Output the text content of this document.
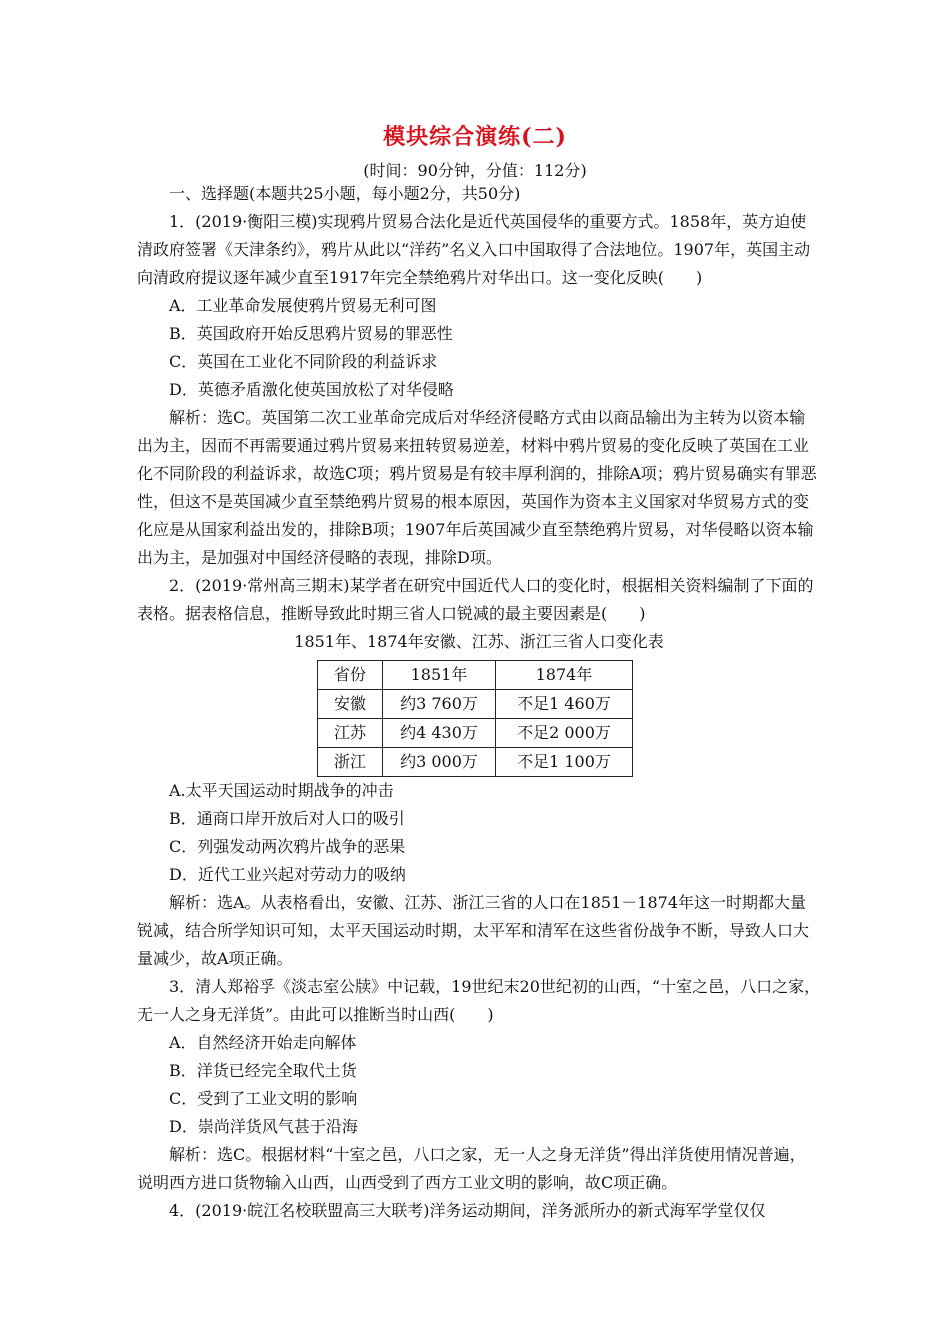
模块综合演练(二)
(时间：90分钟，分值：112分)

一、选择题(本题共25小题，每小题2分，共50分)

1．(2019·衡阳三模)实现鸦片贸易合法化是近代英国侵华的重要方式。1858年，英方迫使清政府签署《天津条约》，鸦片从此以“洋药”名义入口中国取得了合法地位。1907年，英国主动向清政府提议逐年减少直至1917年完全禁绝鸦片对华出口。这一变化反映(　　)

A．工业革命发展使鸦片贸易无利可图

B．英国政府开始反思鸦片贸易的罪恶性

C．英国在工业化不同阶段的利益诉求

D．英德矛盾激化使英国放松了对华侵略

解析：选C。英国第二次工业革命完成后对华经济侵略方式由以商品输出为主转为以资本输出为主，因而不再需要通过鸦片贸易来扭转贸易逆差，材料中鸦片贸易的变化反映了英国在工业化不同阶段的利益诉求，故选C项；鸦片贸易是有较丰厚利润的，排除A项；鸦片贸易确实有罪恶性，但这不是英国减少直至禁绝鸦片贸易的根本原因，英国作为资本主义国家对华贸易方式的变化应是从国家利益出发的，排除B项；1907年后英国减少直至禁绝鸦片贸易，对华侵略以资本输出为主，是加强对中国经济侵略的表现，排除D项。

2．(2019·常州高三期末)某学者在研究中国近代人口的变化时，根据相关资料编制了下面的表格。据表格信息，推断导致此时期三省人口锐减的最主要因素是(　　)

1851年、1874年安徽、江苏、浙江三省人口变化表

省份	1851年	1874年
安徽	约3 760万	不足1 460万
江苏	约4 430万	不足2 000万
浙江	约3 000万	不足1 100万

A.太平天国运动时期战争的冲击

B．通商口岸开放后对人口的吸引

C．列强发动两次鸦片战争的恶果

D．近代工业兴起对劳动力的吸纳

解析：选A。从表格看出，安徽、江苏、浙江三省的人口在1851－1874年这一时期都大量锐减，结合所学知识可知，太平天国运动时期，太平军和清军在这些省份战争不断，导致人口大量减少，故A项正确。

3．清人郑裕孚《淡志室公牍》中记载，19世纪末20世纪初的山西，“十室之邑，八口之家，无一人之身无洋货”。由此可以推断当时山西(　　)

A．自然经济开始走向解体

B．洋货已经完全取代土货

C．受到了工业文明的影响

D．崇尚洋货风气甚于沿海

解析：选C。根据材料“十室之邑，八口之家，无一人之身无洋货”得出洋货使用情况普遍，说明西方进口货物输入山西，山西受到了西方工业文明的影响，故C项正确。

4．(2019·皖江名校联盟高三大联考)洋务运动期间，洋务派所办的新式海军学堂仅仅
